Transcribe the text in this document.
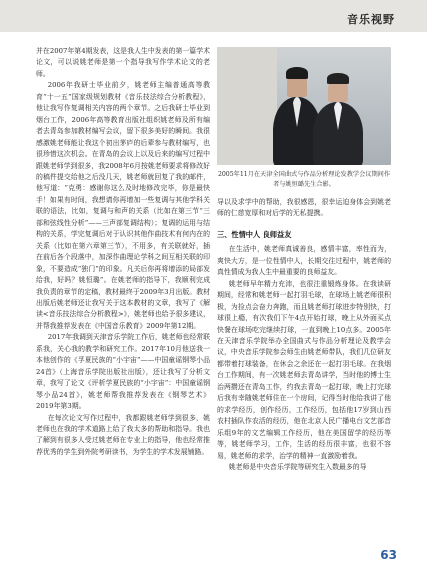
音乐视野

并在2007年第4期发表，这是我人生中发表的第一篇学术论文，可以说姚老师是第一个指导我写作学术论文的老师。

2006年我研士毕业前夕，姚老师主编普通高等教育“十一五”国家级规划教材《音乐技法综合分析教程》，他让我写作复调相关内容的两个章节。之后我研士毕业到烟台工作，2006年高等教育出版社组织姚老师及所有编者去青岛参加教材编写会议，留下很多美好的瞬间。我很感激姚老师能让我这个初出茅庐的后辈参与教材编写，也很珍惜这次机会。在青岛的会议上以及后来的编写过程中跟姚老师学到很多，我2008年6月按姚老师要求将修改好的稿件提交给他之后没几天，姚老师就回复了我的邮件，他写道：“克勇：感谢你这么及时地修改完毕，你是最快手！如果有时间，我想请你再增加一些复调与其他学科关联的语法，比如，复调与和声的关系（比如在第三节“三部和弦线性分析”——三声部复调结构）；复调的运用与结构的关系，学完复调后对于认识其他作曲技术有何内在的关系（比如在第六章第三节），不用多，有关联就好，插在前后各个段落中，加深作曲理论学科之间互相关联的印象，不要造成“独门”的印象。凡关后你再将增添的局部发给我，好吗？姚恒璐”。在姚老师的指导下，我顺利完成我负责的章节的定稿，教材最终于2009年3月出版。教材出版后姚老师还让我写关于这本教材的文章，我写了《解读<音乐技法综合分析教程>》，姚老师也给予很多建议，并帮我推荐发表在《中国音乐教育》2009年第12期。

2017年我调到天津音乐学院工作后，姚老师也经常联系我，关心我的教学和研究工作。2017年10月他送我一本他创作的《孚夏民族的“小宇宙”——中国童谣钢琴小品24首》（上海音乐学院出版社出版），还让我写了分析文章，我写了论文《评析学夏民族的“小宇宙”：中国童谣钢琴小品24首》，姚老师帮我推荐发表在《钢琴艺术》2019年第3期。

在每次论文写作过程中，我都跟姚老师学到很多，姚老师也在我的学术道路上给了我太多的帮助和指导。我也了解到有很多人受过姚老师在专业上的指导，他也经常推荐优秀的学生到外院考研读书，为学生的学术发展铺路。

2005年11月在天津全国曲式与作品分析理论发教学会议期间作者与姚恒璐先生合影。

导以及求学中的帮助，我很感恩，很幸运迫身体会到姚老师的仁慈宽厚和对后学的无私提携。

三、性情中人 良师益友

在生活中，姚老师真诚善良，感情丰富，率性而为，爽快大方，是一位性情中人，长期交往过程中，姚老师的真性情成为我人生中最重要的良师益友。

姚老师早年精力充沛，也很注重锻炼身体。在我读研期间，经常和姚老师一起打羽毛球，在球场上姚老师很积极，为捡点会奋力奔跑，而且姚老师打球进步特别快，打球很上瘾，有次我们下午4点开始打球，晚上从外面买点快餐在球场吃完继续打球，一直到晚上10点多。2005年在天津音乐学院举办全国曲式与作品分析理论及教学会议，中央音乐学院参会师生由姚老师带队，我们几位研友都带着打球装备，在休会之余还在一起打羽毛球。在我烟台工作期间，有一次姚老师去青岛讲学，当时他的博士生治两攒还在青岛工作，约我去青岛一起打球，晚上打完球后我有幸随姚老师住在一个房间，记得当时他给我讲了他的求学经历，创作经历，工作经历，包括他17岁到山西农村插队作农活的经历，他在北京人民广播电台文艺部音乐组9年的文艺编辑工作经历，他在美国留学的经历等等，姚老师学习，工作，生活的经历很丰富，也很不容易，姚老师的求学，治学的精神一直激励着我。

姚老师是中央音乐学院等研究生入数最多的导

63
